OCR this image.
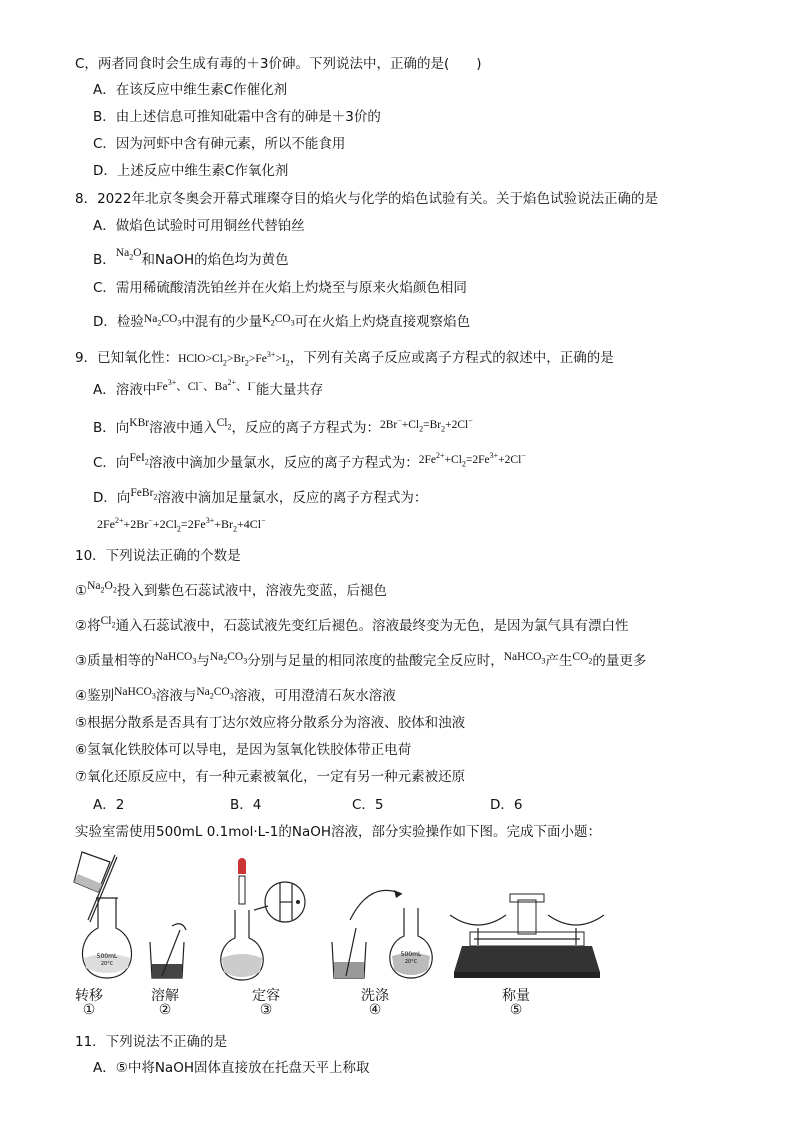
C，两者同食时会生成有毒的＋3价砷。下列说法中，正确的是(　　)
A．在该反应中维生素C作催化剂
B．由上述信息可推知砒霜中含有的砷是＋3价的
C．因为河虾中含有砷元素，所以不能食用
D．上述反应中维生素C作氧化剂
8．2022年北京冬奥会开幕式璀璨夺目的焰火与化学的焰色试验有关。关于焰色试验说法正确的是
A．做焰色试验时可用铜丝代替铂丝
B．$Na_2O$和NaOH的焰色均为黄色
C．需用稀硫酸清洗铂丝并在火焰上灼烧至与原来火焰颜色相同
D．检验$Na_2CO_3$中混有的少量$K_2CO_3$可在火焰上灼烧直接观察焰色
9．已知氧化性：$HClO>Cl_2>Br_2>Fe^{3+}>I_2$，下列有关离子反应或离子方程式的叙述中，正确的是
A．溶液中$Fe^{3+}$、Cl−、$Ba^{2+}$、I−能大量共存
B．向KBr溶液中通入$Cl_2$，反应的离子方程式为：$2Br^-+Cl_2=Br_2+2Cl^-$
C．向FeI$_2$溶液中滴加少量氯水，反应的离子方程式为：$2Fe^{2+}+Cl_2=2Fe^{3+}+2Cl^-$
D．向FeBr$_2$溶液中滴加足量氯水，反应的离子方程式为：
$2Fe^{2+}+2Br^-+2Cl_2=2Fe^{3+}+Br_2+4Cl^-$
10．下列说法正确的个数是
$①Na_2O_2$投入到紫色石蕊试液中，溶液先变蓝，后褪色
②将$Cl_2$通入石蕊试液中，石蕊试液先变红后褪色。溶液最终变为无色，是因为氯气具有漂白性
③质量相等的NaHCO$_3$与$Na_2CO_3$分别与足量的相同浓度的盐酸完全反应时，NaHCO$_3$产生$CO_2$的量更多
④鉴别NaHCO$_3$溶液与$Na_2CO_3$溶液，可用澄清石灰水溶液
⑤根据分散系是否具有丁达尔效应将分散系分为溶液、胶体和浊液
⑥氢氧化铁胶体可以导电，是因为氢氧化铁胶体带正电荷
⑦氧化还原反应中，有一种元素被氧化，一定有另一种元素被还原
A．2	B．4	C．5	D．6
实验室需使用500mL 0.1mol·L-1的NaOH溶液，部分实验操作如下图。完成下面小题：
500mL
20°C
500mL
20°C
转移
①
溶解
②
定容
③
洗涤
④
称量
⑤
11．下列说法不正确的是
A．⑤中将NaOH固体直接放在托盘天平上称取
